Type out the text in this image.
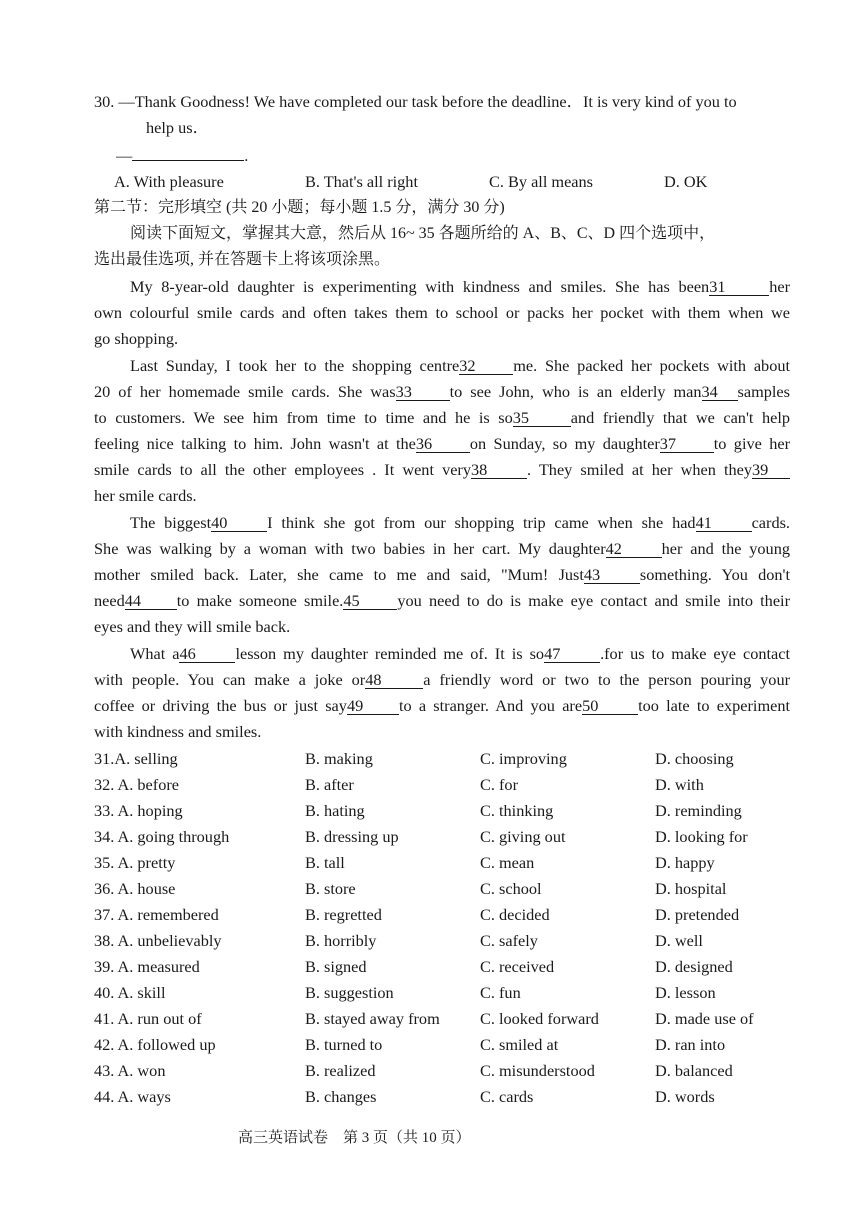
30. —Thank Goodness! We have completed our task before the deadline．It is very kind of you to
help us．
—	.
A. With pleasure	B. That's all right	C. By all means	D. OK
第二节：完形填空 (共 20 小题；每小题 1.5 分，满分 30 分)
阅读下面短文，掌握其大意，然后从 16~ 35 各题所给的 A、B、C、D 四个选项中，
选出最佳选项, 并在答题卡上将该项涂黑。
My 8-year-old daughter is experimenting with kindness and smiles. She has been31	her
own colourful smile cards and often takes them to school or packs her pocket with them when we
go shopping.
Last Sunday, I took her to the shopping centre32 me. She packed her pockets with about
20 of her homemade smile cards. She was33 to see John, who is an elderly man34 samples
to customers. We see him from time to time and he is so35	and friendly that we can't help
feeling nice talking to him. John wasn't at the36 on Sunday, so my daughter37 to give her
smile cards to all the other employees . It went very38 . They smiled at her when they39
her smile cards.
The biggest40 I think she got from our shopping trip came when she had41 cards.
She was walking by a woman with two babies in her cart. My daughter42 her and the young
mother smiled back. Later, she came to me and said, "Mum! Just43 something. You don't
need44 to make someone smile.45 you need to do is make eye contact and smile into their
eyes and they will smile back.
What a46 lesson my daughter reminded me of. It is so47 .for us to make eye contact
with people. You can make a joke or48	a friendly word or two to the person pouring your
coffee or driving the bus or just say49 to a stranger. And you are50 too late to experiment
with kindness and smiles.
31.A. selling	B. making	C. improving	D. choosing
32. A. before	B. after	C. for	D. with
33. A. hoping	B. hating	C. thinking	D. reminding
34. A. going through	B. dressing up	C. giving out	D. looking for
35. A. pretty	B. tall	C. mean	D. happy
36. A. house	B. store	C. school	D. hospital
37. A. remembered	B. regretted	C. decided	D. pretended
38. A. unbelievably	B. horribly	C. safely	D. well
39. A. measured	B. signed	C. received	D. designed
40. A. skill	B. suggestion	C. fun	D. lesson
41. A. run out of	B. stayed away from C. looked forward	D. made use of
42. A. followed up	B. turned to	C. smiled at	D. ran into
43. A. won	B. realized	C. misunderstood	D. balanced
44. A. ways	B. changes	C. cards	D. words
高三英语试卷　第 3 页（共 10 页）
